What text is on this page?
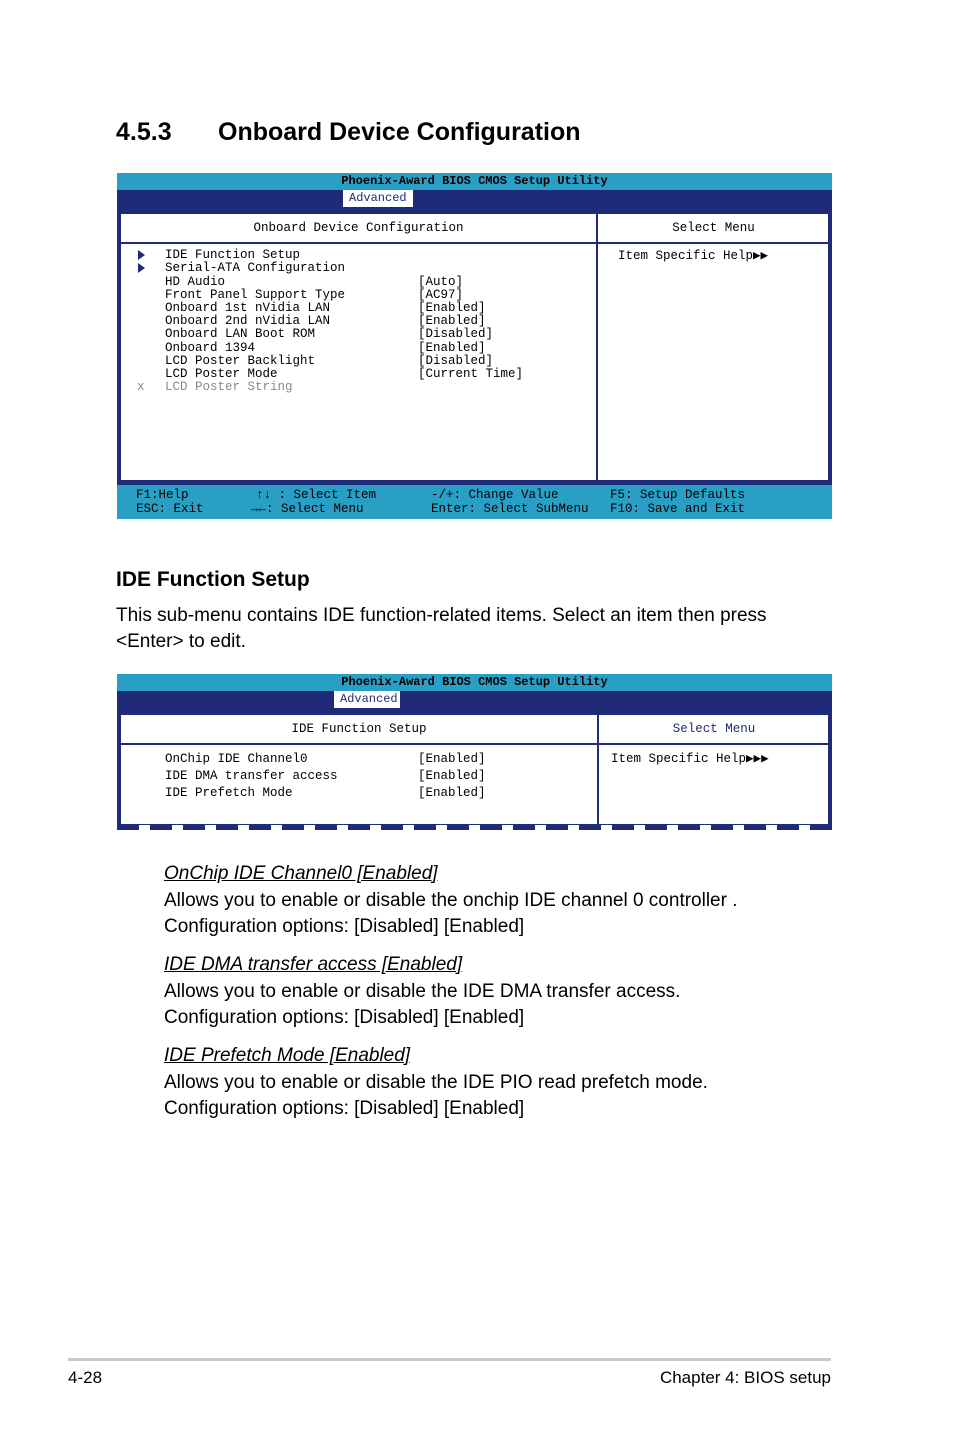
4.5.3 Onboard Device Configuration
Phoenix-Award BIOS CMOS Setup Utility
Advanced
Onboard Device Configuration	Select Menu
Item Specific Help▶▶
IDE Function Setup
Serial-ATA Configuration
HD Audio	[Auto]
Front Panel Support Type	[AC97]
Onboard 1st nVidia LAN	[Enabled]
Onboard 2nd nVidia LAN	[Enabled]
Onboard LAN Boot ROM	[Disabled]
Onboard 1394	[Enabled]
LCD Poster Backlight	[Disabled]
LCD Poster Mode	[Current Time]
x LCD Poster String
F1:Help
ESC: Exit
↑↓ : Select Item
→←: Select Menu
-/+: Change Value
Enter: Select SubMenu
F5: Setup Defaults
F10: Save and Exit
IDE Function Setup

This sub-menu contains IDE function-related items. Select an item then press <Enter> to edit.

Phoenix-Award BIOS CMOS Setup Utility
Advanced
IDE Function Setup	Select Menu
Item Specific Help▶▶▶
OnChip IDE Channel0	[Enabled]
IDE DMA transfer access	[Enabled]
IDE Prefetch Mode	[Enabled]

OnChip IDE Channel0 [Enabled]

Allows you to enable or disable the onchip IDE channel 0 controller .

Configuration options: [Disabled] [Enabled]

IDE DMA transfer access [Enabled]

Allows you to enable or disable the IDE DMA transfer access.

Configuration options: [Disabled] [Enabled]

IDE Prefetch Mode [Enabled]

Allows you to enable or disable the IDE PIO read prefetch mode.

Configuration options: [Disabled] [Enabled]

4-28	Chapter 4: BIOS setup
